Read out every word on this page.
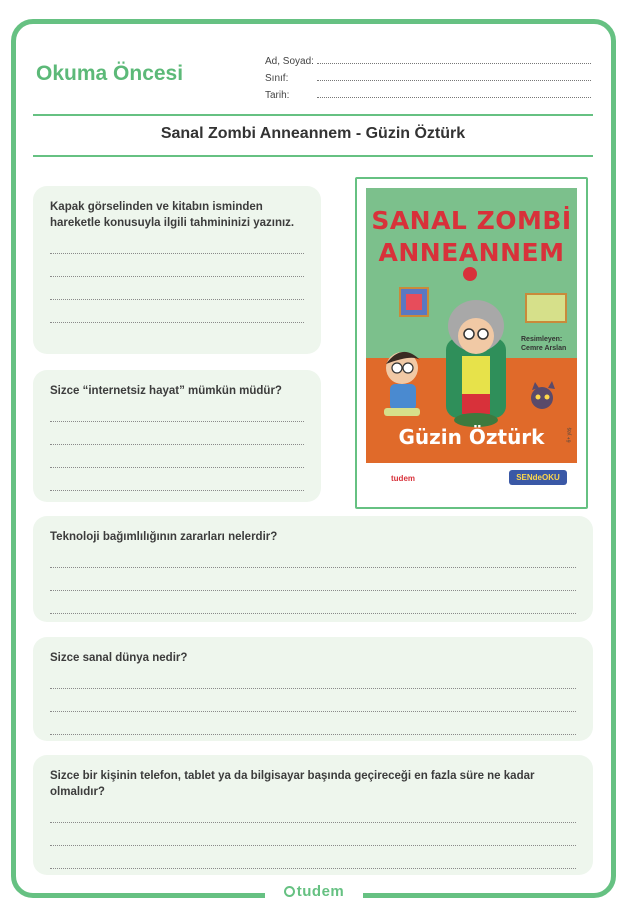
tudem
Okuma Öncesi
Ad, Soyad:
Sınıf:
Tarih:
Sanal Zombi Anneannem - Güzin Öztürk
Kapak görselinden ve kitabın isminden hareketle konusuyla ilgili tahmininizi yazınız.
Sizce “internetsiz hayat” mümkün müdür?
SANAL ZOMBİ
ANNEANNEM
Resimleyen:
Cemre Arslan
Güzin Öztürk	6+ yaş
tudem	SENdeOKU
Teknoloji bağımlılığının zararları nelerdir?
Sizce sanal dünya nedir?
Sizce bir kişinin telefon, tablet ya da bilgisayar başında geçireceği en fazla süre ne kadar olmalıdır?
